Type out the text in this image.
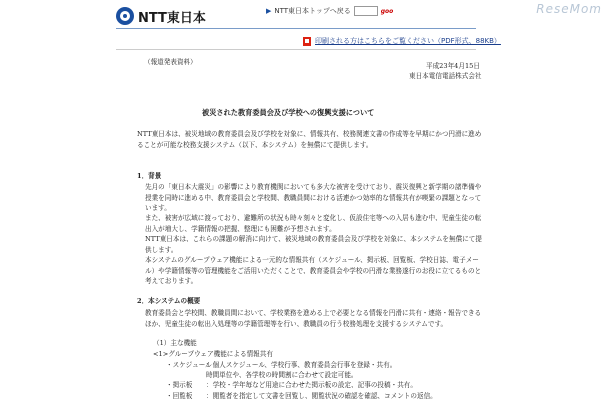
NTT東日本	▶ NTT東日本トップへ戻る	goo	ReseMom
印刷される方はこちらをご覧ください（PDF形式、88KB）
（報道発表資料）	平成23年4月15日
東日本電信電話株式会社
被災された教育委員会及び学校への復興支援について
NTT東日本は、被災地域の教育委員会及び学校を対象に、情報共有、校務関連文書の作成等を早期にかつ円滑に進めることが可能な校務支援システム（以下、本システム）を無償にて提供します。
1．背景
先月の「東日本大震災」の影響により教育機関においても多大な被害を受けており、震災復興と新学期の諸準備や授業を同時に進める中、教育委員会と学校間、教職員間における活連かつ効率的な情報共有が喫緊の課題となっています。
また、被害が広域に渡っており、避難所の状況も時々刻々と変化し、仮設住宅等への入居も進む中、児童生徒の転出入が増大し、学籍情報の把握、整理にも困難が予想されます。
NTT東日本は、これらの課題の解消に向けて、被災地域の教育委員会及び学校を対象に、本システムを無償にて提供します。
本システムのグループウェア機能による一元的な情報共有（スケジュール、掲示板、回覧板、学校日誌、電子メール）や学籍情報等の管理機能をご活用いただくことで、教育委員会や学校の円滑な業務遂行のお役に立てるものと考えております。
2．本システムの概要
教育委員会と学校間、教職員間において、学校業務を進める上で必要となる情報を円滑に共有・連絡・報告できるほか、児童生徒の転出入処理等の学籍管理等を行い、教職員の行う校務処理を支援するシステムです。
（1）主な機能
<1>グループウェア機能による情報共有
・スケジュール：個人スケジュール、学校行事、教育委員会行事を登録・共有。
時間単位や、各学校の時間割に合わせて設定可能。
・掲示板 ：学校・学年毎など用途に合わせた掲示板の設定、記事の投稿・共有。
・回覧板 ：閲覧者を指定して文書を回覧し、閲覧状況の確認を確認、コメントの返信。
